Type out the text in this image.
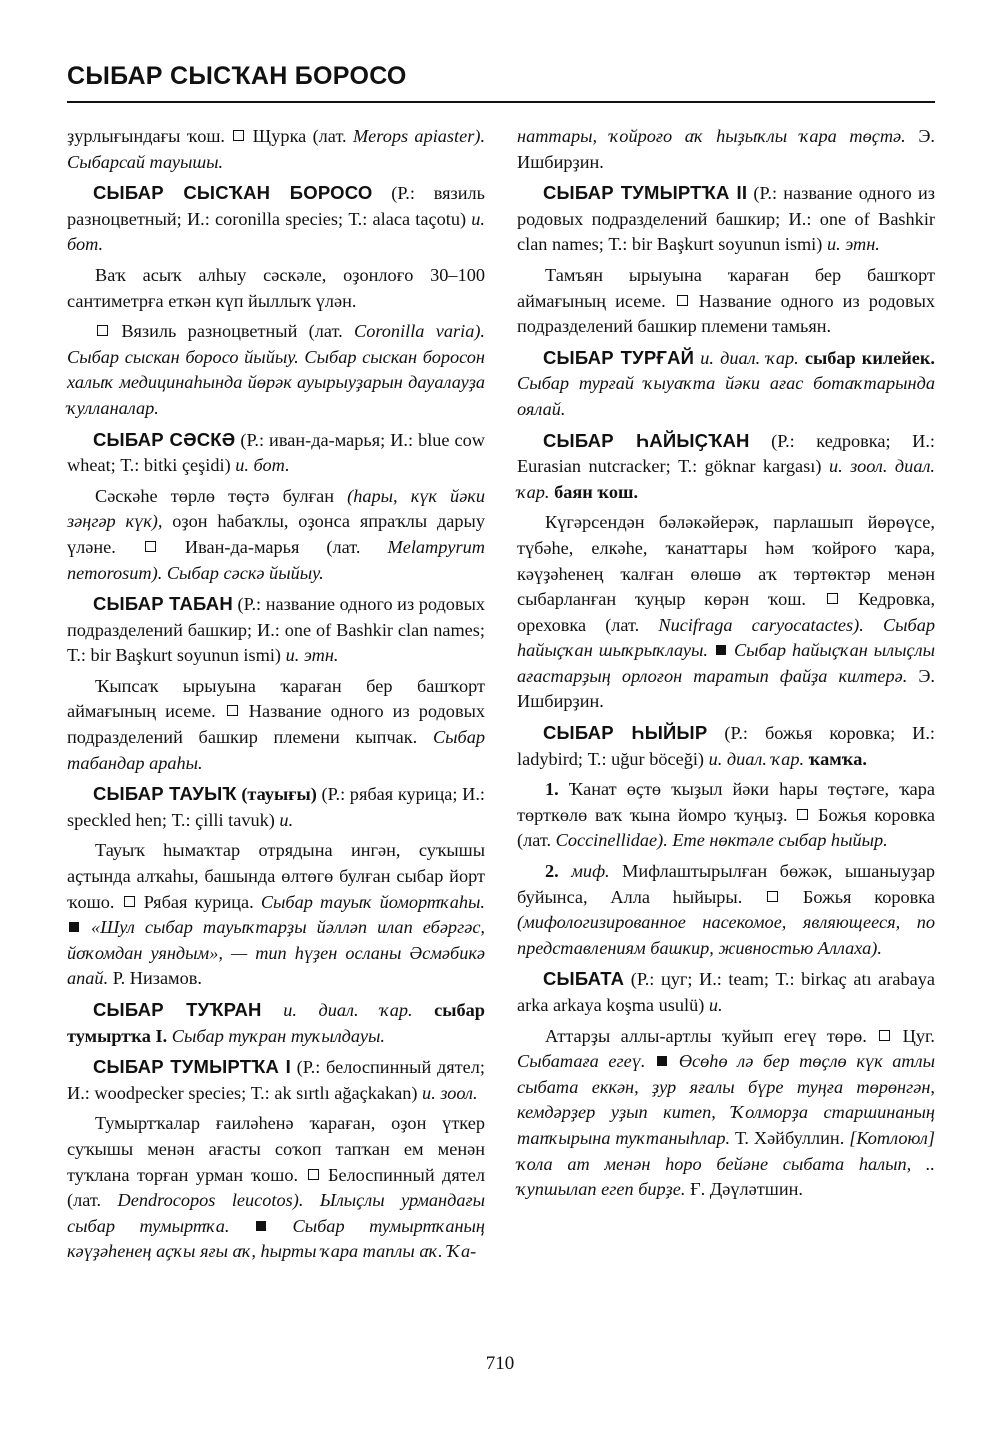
СЫБАР СЫСҠАН БОРОСО

ҙурлығындағы ҡош. Щурка (лат. Merops apiaster). Сыбарсай тауышы.

СЫБАР СЫСҠАН БОРОСО (Р.: вязиль разноцветный; И.: coronilla species; Т.: alaca taçotu) и. бот.

Ваҡ асыҡ алһыу сәскәле, оҙонлоғо 30–100 сантиметрға еткән күп йыллыҡ үлән.

Вязиль разноцветный (лат. Coronilla varia). Сыбар сыскан боросо йыйыу. Сыбар сыскан боросон халыҡ медицинаһында йөрәк ауырыуҙарын дауалауҙа ҡулланалар.

СЫБАР СӘСКӘ (Р.: иван-да-марья; И.: blue cow wheat; Т.: bitki çeşidi) и. бот.

Сәскәһе төрлө төҫтә булған (һары, күк йәки зәңгәр күк), оҙон һабаҡлы, оҙонса япраҡлы дарыу үләне.	Иван-да-марья (лат. Melampyrum nemorosum). Сыбар сәскә йыйыу.

СЫБАР ТАБАН (Р.: название одного из родовых подразделений башкир; И.: one of Bashkir clan names; Т.: bir Başkurt soyunun ismi) и. этн.

Ҡыпсаҡ ырыуына ҡараған бер башҡорт аймағының исеме. Название одного из родовых подразделений башкир племени кыпчак. Сыбар табандар араһы.

СЫБАР ТАУЫҠ (тауығы) (Р.: рябая курица; И.: speckled hen; Т.: çilli tavuk) и.

Тауыҡ һымаҡтар отрядына ингән, суҡышы аҫтында алҡаһы, башында өлтөгө булған сыбар йорт ҡошо. Рябая курица. Сыбар тауыҡ йомортҡаһы.  «Шул сыбар тауыҡтарҙы йәлләп илап ебәргәс, йоҡомдан уяндым», — тип һүҙен осланы Әсмәбикә апай. Р. Низамов.

СЫБАР ТУҠРАН и. диал. ҡар. сыбар тумыртҡа I. Сыбар туҡран туҡылдауы.

СЫБАР ТУМЫРТҠА I (Р.: белоспинный дятел; И.: woodpecker species; Т.: ak sırtlı ağaçkakan) и. зоол.

Тумыртҡалар ғаиләһенә ҡараған, оҙон үткер суҡышы менән ағасты соҡоп тапҡан ем менән туҡлана торған урман ҡошо. Белоспинный дятел (лат. Dendrocopos leucotos). Ылыҫлы урмандағы сыбар тумыртҡа.	Сыбар тумыртҡаның кәүҙәһенең аҫҡы яғы аҡ, һырты ҡара таплы аҡ. Ҡа-

наттары, ҡойроғо аҡ һыҙыҡлы ҡара төҫтә. Э. Ишбирҙин.

СЫБАР ТУМЫРТҠА II (Р.: название одного из родовых подразделений башкир; И.: one of Bashkir clan names; Т.: bir Başkurt soyunun ismi) и. этн.

Тамъян ырыуына ҡараған бер башҡорт аймағының исеме. Название одного из родовых подразделений башкир племени тамьян.

СЫБАР ТУРҒАЙ и. диал. ҡар. сыбар килейек. Сыбар турғай ҡыуаҡта йәки ағас ботаҡтарында оялай.

СЫБАР ҺАЙЫҪҠАН (Р.: кедровка; И.: Eurasian nutcracker; Т.: göknar kargası) и. зоол. диал. ҡар. баян ҡош.

Күгәрсендән бәләкәйерәк, парлашып йөрөүсе, түбәһе, елкәһе, ҡанаттары һәм ҡойроғо ҡара, кәүҙәһенең ҡалған өлөшө аҡ төртөктәр менән сыбарланған ҡуңыр көрән ҡош.	Кедровка, ореховка (лат. Nucifraga caryocatactes). Сыбар һайыҫҡан шыҡрыҡлауы. Сыбар һайыҫҡан ылыҫлы ағастарҙың орлоғон таратып файҙа килтерә. Э. Ишбирҙин.

СЫБАР ҺЫЙЫР (Р.: божья коровка; И.: ladybird; Т.: uğur böceği) и. диал. ҡар. ҡамҡа.

1. Ҡанат өҫтө ҡыҙыл йәки һары төҫтәге, ҡара төрткөлө ваҡ ҡына йомро ҡуңыҙ. Божья коровка (лат. Coccinellidae). Ете нөктәле сыбар һыйыр.

2. миф. Мифлаштырылған бөжәк, ышаныуҙар буйынса, Алла һыйыры.	Божья коровка (мифологизированное насекомое, являющееся, по представлениям башкир, живностью Аллаха).

СЫБАТА (Р.: цуг; И.: team; Т.: birkaç atı arabaya arka arkaya koşma usulü) и.

Аттарҙы аллы-артлы ҡуйып егеү төрө. Цуг. Сыбатаға егеү. Өсөһө лә бер төҫлө күк атлы сыбата еккән, ҙур яғалы бүре туңға төрөнгән, кемдәрҙер уҙып китеп, Ҡолморҙа старшинаның тапҡырына туҡтаныһлар. Т. Хәйбуллин. [Котлоюл] ҡола ат менән һоро бейәне сыбата һалып, .. ҡупшылап егеп бирҙе. Ғ. Дәүләтшин.

710
